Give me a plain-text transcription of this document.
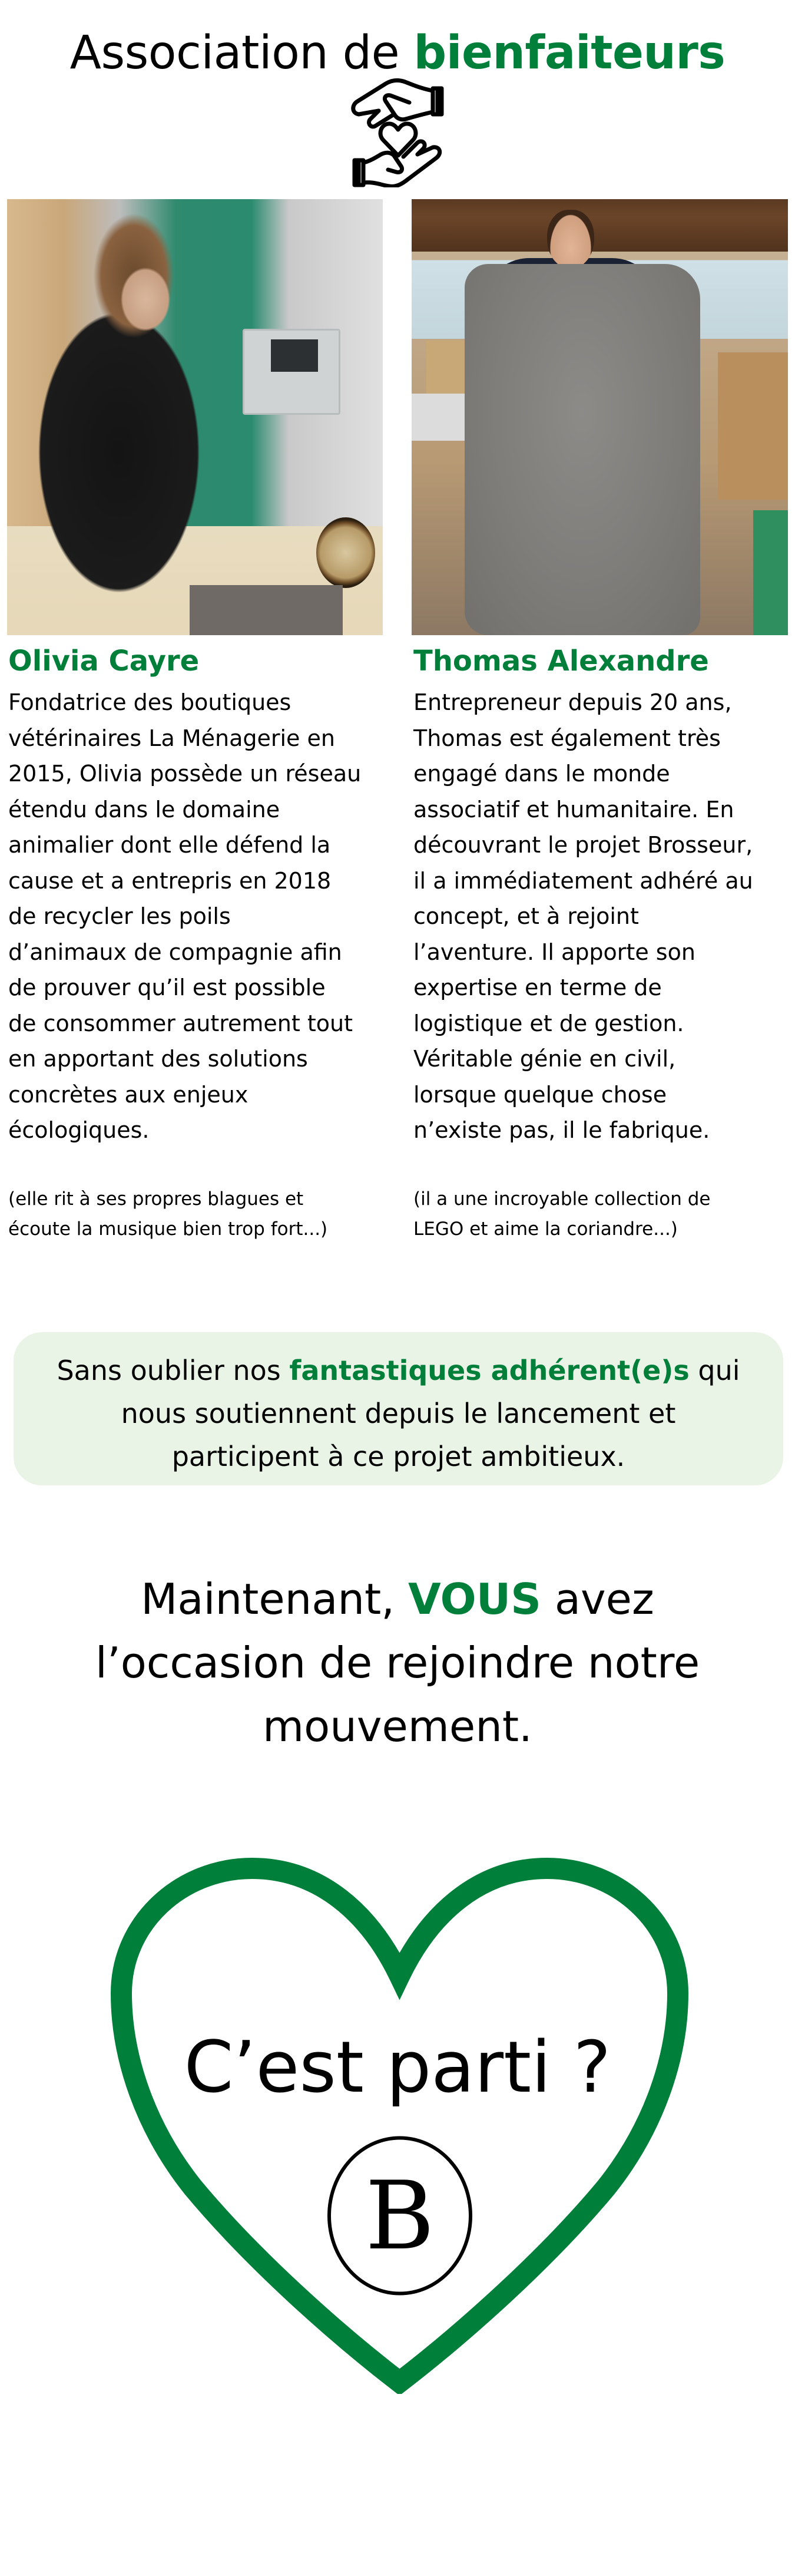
Association de bienfaiteurs
Olivia Cayre
Fondatrice des boutiques
vétérinaires La Ménagerie en
2015, Olivia possède un réseau
étendu dans le domaine
animalier dont elle défend la
cause et a entrepris en 2018
de recycler les poils
d’animaux de compagnie afin
de prouver qu’il est possible
de consommer autrement tout
en apportant des solutions
concrètes aux enjeux
écologiques.
(elle rit à ses propres blagues et
écoute la musique bien trop fort...)
Thomas Alexandre
Entrepreneur depuis 20 ans,
Thomas est également très
engagé dans le monde
associatif et humanitaire. En
découvrant le projet Brosseur,
il a immédiatement adhéré au
concept, et à rejoint
l’aventure. Il apporte son
expertise en terme de
logistique et de gestion.
Véritable génie en civil,
lorsque quelque chose
n’existe pas, il le fabrique.
(il a une incroyable collection de
LEGO et aime la coriandre...)
Sans oublier nos fantastiques adhérent(e)s qui
nous soutiennent depuis le lancement et
participent à ce projet ambitieux.
Maintenant, VOUS avez
l’occasion de rejoindre notre
mouvement.
C’est parti ?
B
